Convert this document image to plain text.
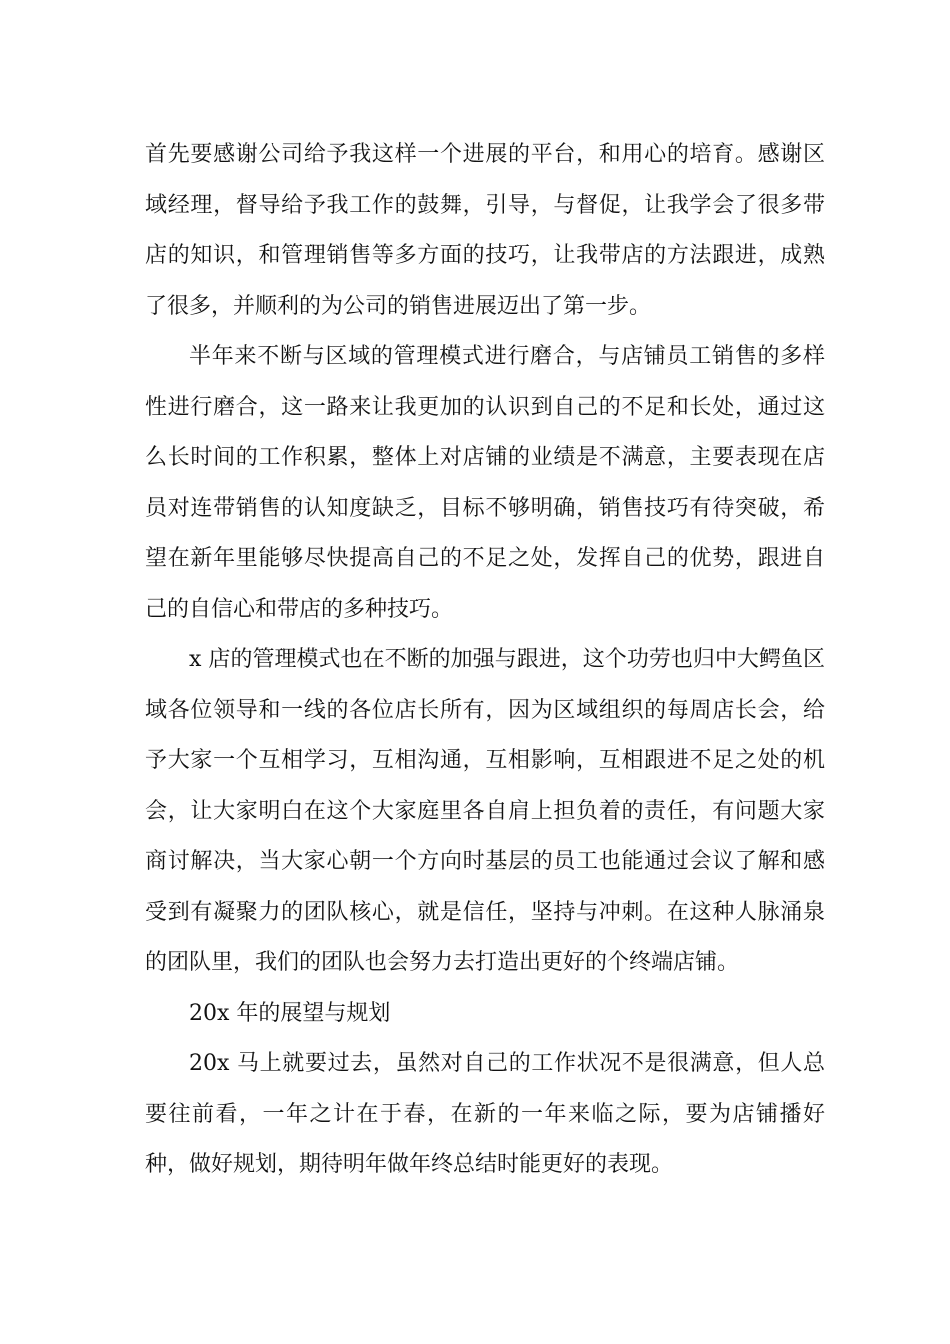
首先要感谢公司给予我这样一个进展的平台，和用心的培育。感谢区域经理，督导给予我工作的鼓舞，引导，与督促，让我学会了很多带店的知识，和管理销售等多方面的技巧，让我带店的方法跟进，成熟了很多，并顺利的为公司的销售进展迈出了第一步。

半年来不断与区域的管理模式进行磨合，与店铺员工销售的多样性进行磨合，这一路来让我更加的认识到自己的不足和长处，通过这么长时间的工作积累，整体上对店铺的业绩是不满意，主要表现在店员对连带销售的认知度缺乏，目标不够明确，销售技巧有待突破，希望在新年里能够尽快提高自己的不足之处，发挥自己的优势，跟进自己的自信心和带店的多种技巧。

x 店的管理模式也在不断的加强与跟进，这个功劳也归中大鳄鱼区域各位领导和一线的各位店长所有，因为区域组织的每周店长会，给予大家一个互相学习，互相沟通，互相影响，互相跟进不足之处的机会，让大家明白在这个大家庭里各自肩上担负着的责任，有问题大家商讨解决，当大家心朝一个方向时基层的员工也能通过会议了解和感受到有凝聚力的团队核心，就是信任，坚持与冲刺。在这种人脉涌泉的团队里，我们的团队也会努力去打造出更好的个终端店铺。

20x 年的展望与规划

20x 马上就要过去，虽然对自己的工作状况不是很满意，但人总要往前看，一年之计在于春，在新的一年来临之际，要为店铺播好种，做好规划，期待明年做年终总结时能更好的表现。
